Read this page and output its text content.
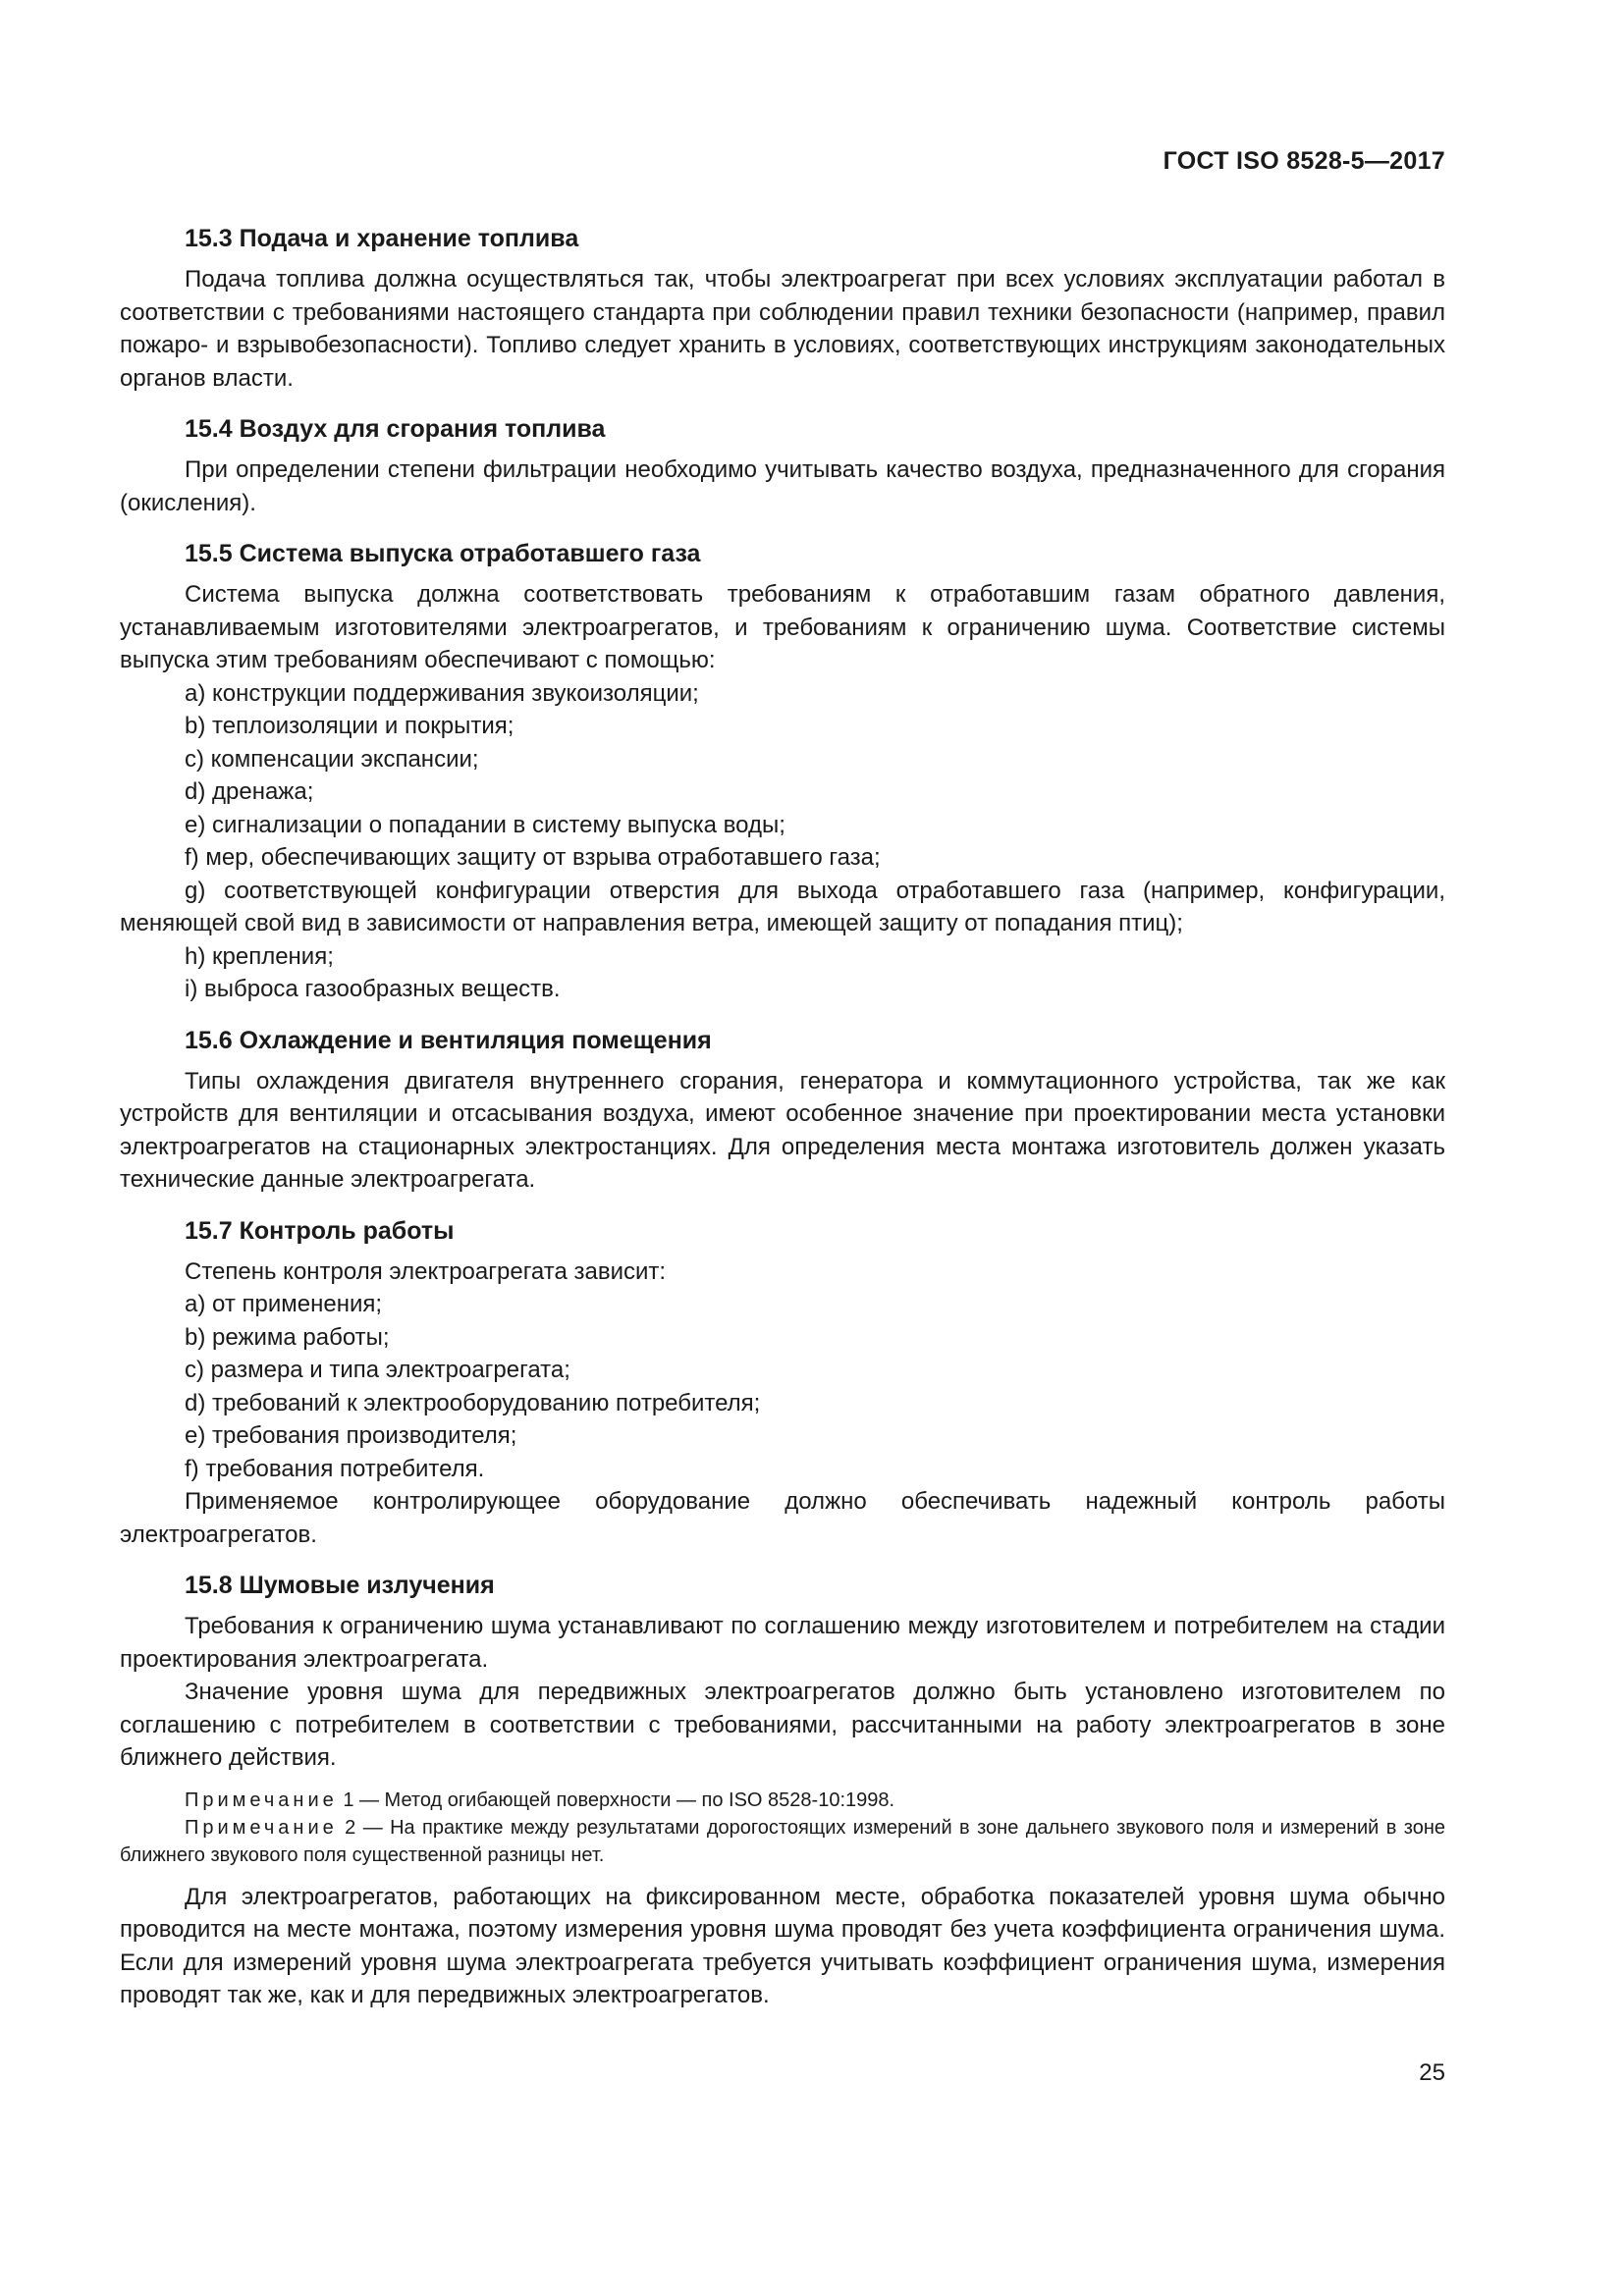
ГОСТ ISO 8528-5—2017
15.3 Подача и хранение топлива

Подача топлива должна осуществляться так, чтобы электроагрегат при всех условиях эксплуатации работал в соответствии с требованиями настоящего стандарта при соблюдении правил техники безопасности (например, правил пожаро- и взрывобезопасности). Топливо следует хранить в условиях, соответствующих инструкциям законодательных органов власти.

15.4 Воздух для сгорания топлива

При определении степени фильтрации необходимо учитывать качество воздуха, предназначенного для сгорания (окисления).

15.5 Система выпуска отработавшего газа

Система выпуска должна соответствовать требованиям к отработавшим газам обратного давления, устанавливаемым изготовителями электроагрегатов, и требованиям к ограничению шума. Соответствие системы выпуска этим требованиям обеспечивают с помощью:

a) конструкции поддерживания звукоизоляции;
b) теплоизоляции и покрытия;
c) компенсации экспансии;
d) дренажа;
e) сигнализации о попадании в систему выпуска воды;
f) мер, обеспечивающих защиту от взрыва отработавшего газа;
g) соответствующей конфигурации отверстия для выхода отработавшего газа (например, конфигурации, меняющей свой вид в зависимости от направления ветра, имеющей защиту от попадания птиц);
h) крепления;
i) выброса газообразных веществ.
15.6 Охлаждение и вентиляция помещения

Типы охлаждения двигателя внутреннего сгорания, генератора и коммутационного устройства, так же как устройств для вентиляции и отсасывания воздуха, имеют особенное значение при проектировании места установки электроагрегатов на стационарных электростанциях. Для определения места монтажа изготовитель должен указать технические данные электроагрегата.

15.7 Контроль работы

Степень контроля электроагрегата зависит:

a) от применения;
b) режима работы;
c) размера и типа электроагрегата;
d) требований к электрооборудованию потребителя;
e) требования производителя;
f) требования потребителя.

Применяемое контролирующее оборудование должно обеспечивать надежный контроль работы электроагрегатов.

15.8 Шумовые излучения

Требования к ограничению шума устанавливают по соглашению между изготовителем и потребителем на стадии проектирования электроагрегата.

Значение уровня шума для передвижных электроагрегатов должно быть установлено изготовителем по соглашению с потребителем в соответствии с требованиями, рассчитанными на работу электроагрегатов в зоне ближнего действия.

Примечание 1 — Метод огибающей поверхности — по ISO 8528-10:1998.

Примечание 2 — На практике между результатами дорогостоящих измерений в зоне дальнего звукового поля и измерений в зоне ближнего звукового поля существенной разницы нет.

Для электроагрегатов, работающих на фиксированном месте, обработка показателей уровня шума обычно проводится на месте монтажа, поэтому измерения уровня шума проводят без учета коэффициента ограничения шума. Если для измерений уровня шума электроагрегата требуется учитывать коэффициент ограничения шума, измерения проводят так же, как и для передвижных электроагрегатов.

25
